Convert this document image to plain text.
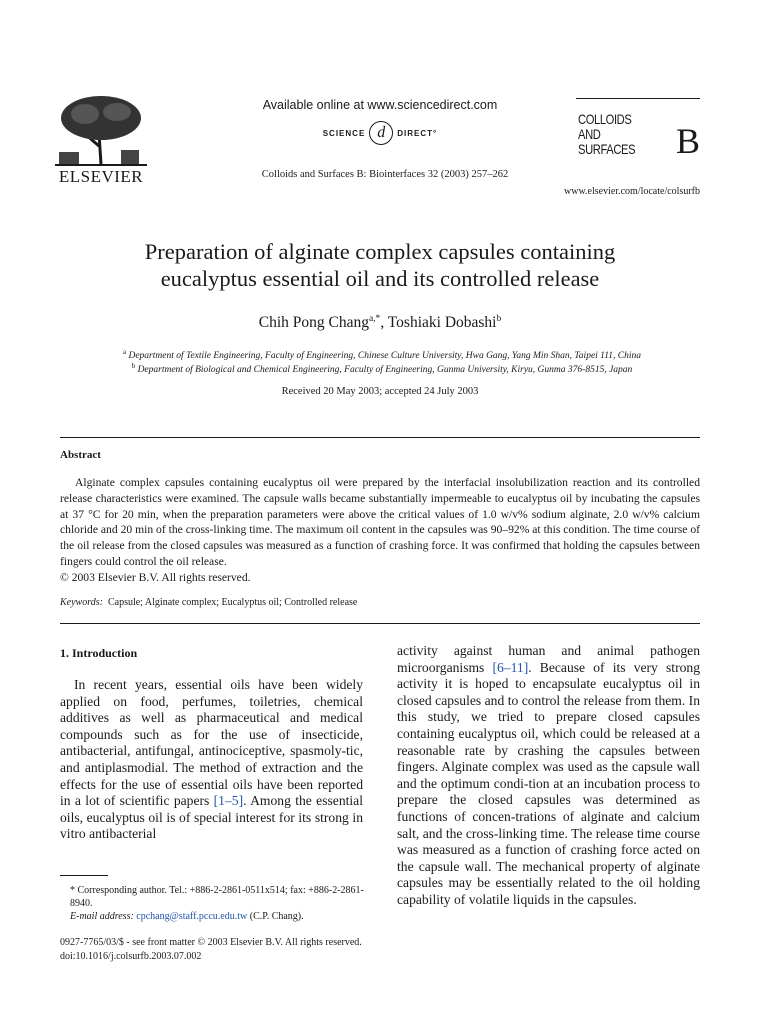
ELSEVIER
Available online at www.sciencedirect.com
SCIENCE d	DIRECT°
Colloids and Surfaces B: Biointerfaces 32 (2003) 257–262
COLLOIDS
AND
SURFACES B
www.elsevier.com/locate/colsurfb
Preparation of alginate complex capsules containing
eucalyptus essential oil and its controlled release
Chih Pong Chang$^{a,*}$, Toshiaki Dobashi$^b$
$^a$ Department of Textile Engineering, Faculty of Engineering, Chinese Culture University, Hwa Gang, Yang Min Shan, Taipei 111, China
$^b$ Department of Biological and Chemical Engineering, Faculty of Engineering, Gunma University, Kiryu, Gunma 376-8515, Japan
Received 20 May 2003; accepted 24 July 2003
Abstract
Alginate complex capsules containing eucalyptus oil were prepared by the interfacial insolubilization reaction and its controlled release characteristics were examined. The capsule walls became substantially impermeable to eucalyptus oil by incubating the capsules at 37 °C for 20 min, when the preparation parameters were above the critical values of 1.0 w/v% sodium alginate, 2.0 w/v% calcium chloride and 20 min of the cross-linking time. The maximum oil content in the capsules was 90–92% at this condition. The time course of the oil release from the closed capsules was measured as a function of crashing force. It was confirmed that holding the capsules between fingers could control the oil release.
© 2003 Elsevier B.V. All rights reserved.
Keywords: Capsule; Alginate complex; Eucalyptus oil; Controlled release
1. Introduction
In recent years, essential oils have been widely applied on food, perfumes, toiletries, chemical additives as well as pharmaceutical and medical compounds such as for the use of insecticide, antibacterial, antifungal, antinociceptive, spasmoly-tic, and antiplasmodial. The method of extraction and the effects for the use of essential oils have been reported in a lot of scientific papers [1–5]. Among the essential oils, eucalyptus oil is of special interest for its strong in vitro antibacterial
activity against human and animal pathogen microorganisms [6–11]. Because of its very strong activity it is hoped to encapsulate eucalyptus oil in closed capsules and to control the release from them. In this study, we tried to prepare closed capsules containing eucalyptus oil, which could be released at a reasonable rate by crashing the capsules between fingers. Alginate complex was used as the capsule wall and the optimum condi-tion at an incubation process to prepare the closed capsules was determined as functions of concen-trations of alginate and calcium salt, and the cross-linking time. The release time course was measured as a function of crashing force acted on the capsule wall. The mechanical property of alginate capsules may be essentially related to the oil holding capability of volatile liquids in the capsules.
* Corresponding author. Tel.: +886-2-2861-0511x514; fax: +886-2-2861-8940.
E-mail address: cpchang@staff.pccu.edu.tw (C.P. Chang).
0927-7765/03/$ - see front matter © 2003 Elsevier B.V. All rights reserved.
doi:10.1016/j.colsurfb.2003.07.002
